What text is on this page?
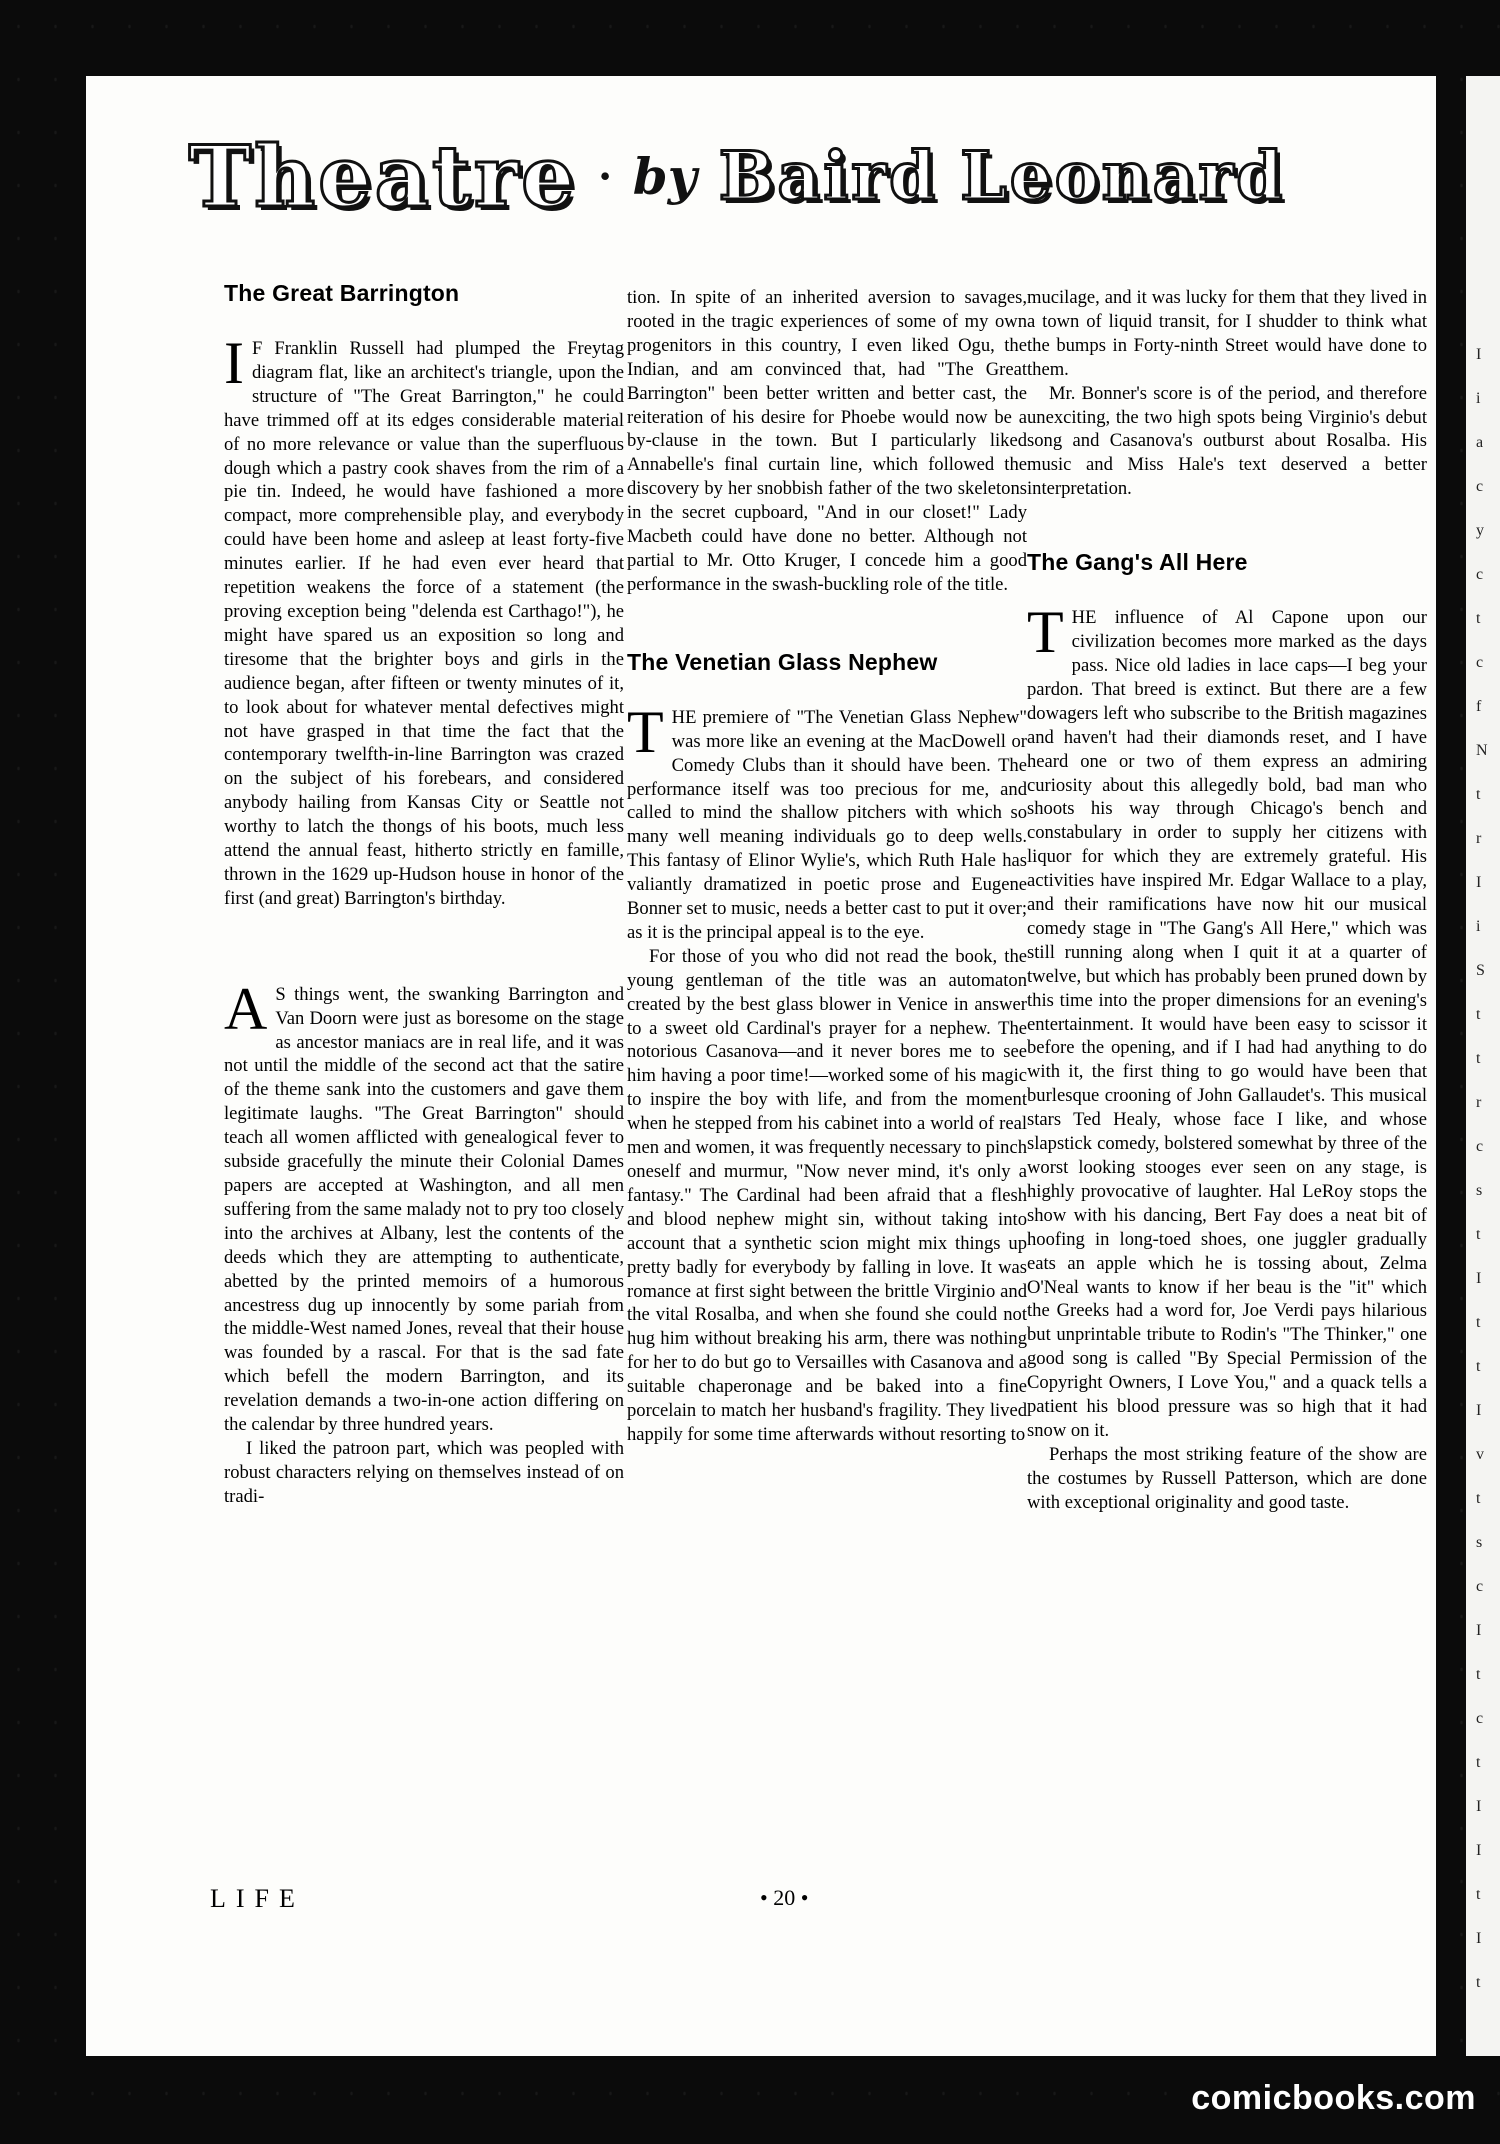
I
i
a
c
y
c
t
c
f
N
t
r
I
i
S
t
t
r
c
s
t
I
t
t
I
v
t
s
c
I
t
c
t
I
I
t
I
t
Theatre • by Baird Leonard
The Great Barrington

IF Franklin Russell had plumped the Freytag diagram flat, like an architect's triangle, upon the structure of "The Great Barrington," he could have trimmed off at its edges considerable material of no more relevance or value than the superfluous dough which a pastry cook shaves from the rim of a pie tin. Indeed, he would have fashioned a more compact, more comprehensible play, and everybody could have been home and asleep at least forty-five minutes earlier. If he had even ever heard that repetition weakens the force of a statement (the proving exception being "delenda est Carthago!"), he might have spared us an exposition so long and tiresome that the brighter boys and girls in the audience began, after fifteen or twenty minutes of it, to look about for whatever mental defectives might not have grasped in that time the fact that the contemporary twelfth-in-line Barrington was crazed on the subject of his forebears, and considered anybody hailing from Kansas City or Seattle not worthy to latch the thongs of his boots, much less attend the annual feast, hitherto strictly en famille, thrown in the 1629 up-Hudson house in honor of the first (and great) Barrington's birthday.

AS things went, the swanking Barrington and Van Doorn were just as boresome on the stage as ancestor maniacs are in real life, and it was not until the middle of the second act that the satire of the theme sank into the customers and gave them legitimate laughs. "The Great Barrington" should teach all women afflicted with genealogical fever to subside gracefully the minute their Colonial Dames papers are accepted at Washington, and all men suffering from the same malady not to pry too closely into the archives at Albany, lest the contents of the deeds which they are attempting to authenticate, abetted by the printed memoirs of a humorous ancestress dug up innocently by some pariah from the middle-West named Jones, reveal that their house was founded by a rascal. For that is the sad fate which befell the modern Barrington, and its revelation demands a two-in-one action differing on the calendar by three hundred years.

I liked the patroon part, which was peopled with robust characters relying on themselves instead of on tradi-

tion. In spite of an inherited aversion to savages, rooted in the tragic experiences of some of my own progenitors in this country, I even liked Ogu, the Indian, and am convinced that, had "The Great Barrington" been better written and better cast, the reiteration of his desire for Phoebe would now be a by-clause in the town. But I particularly liked Annabelle's final curtain line, which followed the discovery by her snobbish father of the two skeletons in the secret cupboard, "And in our closet!" Lady Macbeth could have done no better. Although not partial to Mr. Otto Kruger, I concede him a good performance in the swash-buckling role of the title.

The Venetian Glass Nephew

THE premiere of "The Venetian Glass Nephew" was more like an evening at the MacDowell or Comedy Clubs than it should have been. The performance itself was too precious for me, and called to mind the shallow pitchers with which so many well meaning individuals go to deep wells. This fantasy of Elinor Wylie's, which Ruth Hale has valiantly dramatized in poetic prose and Eugene Bonner set to music, needs a better cast to put it over; as it is the principal appeal is to the eye.

For those of you who did not read the book, the young gentleman of the title was an automaton created by the best glass blower in Venice in answer to a sweet old Cardinal's prayer for a nephew. The notorious Casanova—and it never bores me to see him having a poor time!—worked some of his magic to inspire the boy with life, and from the moment when he stepped from his cabinet into a world of real men and women, it was frequently necessary to pinch oneself and murmur, "Now never mind, it's only a fantasy." The Cardinal had been afraid that a flesh and blood nephew might sin, without taking into account that a synthetic scion might mix things up pretty badly for everybody by falling in love. It was romance at first sight between the brittle Virginio and the vital Rosalba, and when she found she could not hug him without breaking his arm, there was nothing for her to do but go to Versailles with Casanova and a suitable chaperonage and be baked into a fine porcelain to match her husband's fragility. They lived happily for some time afterwards without resorting to

mucilage, and it was lucky for them that they lived in a town of liquid transit, for I shudder to think what the bumps in Forty-ninth Street would have done to them.

Mr. Bonner's score is of the period, and therefore unexciting, the two high spots being Virginio's debut song and Casanova's outburst about Rosalba. His music and Miss Hale's text deserved a better interpretation.

The Gang's All Here

THE influence of Al Capone upon our civilization becomes more marked as the days pass. Nice old ladies in lace caps—I beg your pardon. That breed is extinct. But there are a few dowagers left who subscribe to the British magazines and haven't had their diamonds reset, and I have heard one or two of them express an admiring curiosity about this allegedly bold, bad man who shoots his way through Chicago's bench and constabulary in order to supply her citizens with liquor for which they are extremely grateful. His activities have inspired Mr. Edgar Wallace to a play, and their ramifications have now hit our musical comedy stage in "The Gang's All Here," which was still running along when I quit it at a quarter of twelve, but which has probably been pruned down by this time into the proper dimensions for an evening's entertainment. It would have been easy to scissor it before the opening, and if I had had anything to do with it, the first thing to go would have been that burlesque crooning of John Gallaudet's. This musical stars Ted Healy, whose face I like, and whose slapstick comedy, bolstered somewhat by three of the worst looking stooges ever seen on any stage, is highly provocative of laughter. Hal LeRoy stops the show with his dancing, Bert Fay does a neat bit of hoofing in long-toed shoes, one juggler gradually eats an apple which he is tossing about, Zelma O'Neal wants to know if her beau is the "it" which the Greeks had a word for, Joe Verdi pays hilarious but unprintable tribute to Rodin's "The Thinker," one good song is called "By Special Permission of the Copyright Owners, I Love You," and a quack tells a patient his blood pressure was so high that it had snow on it.

Perhaps the most striking feature of the show are the costumes by Russell Patterson, which are done with exceptional originality and good taste.

LIFE	• 20 •
comicbooks.com
